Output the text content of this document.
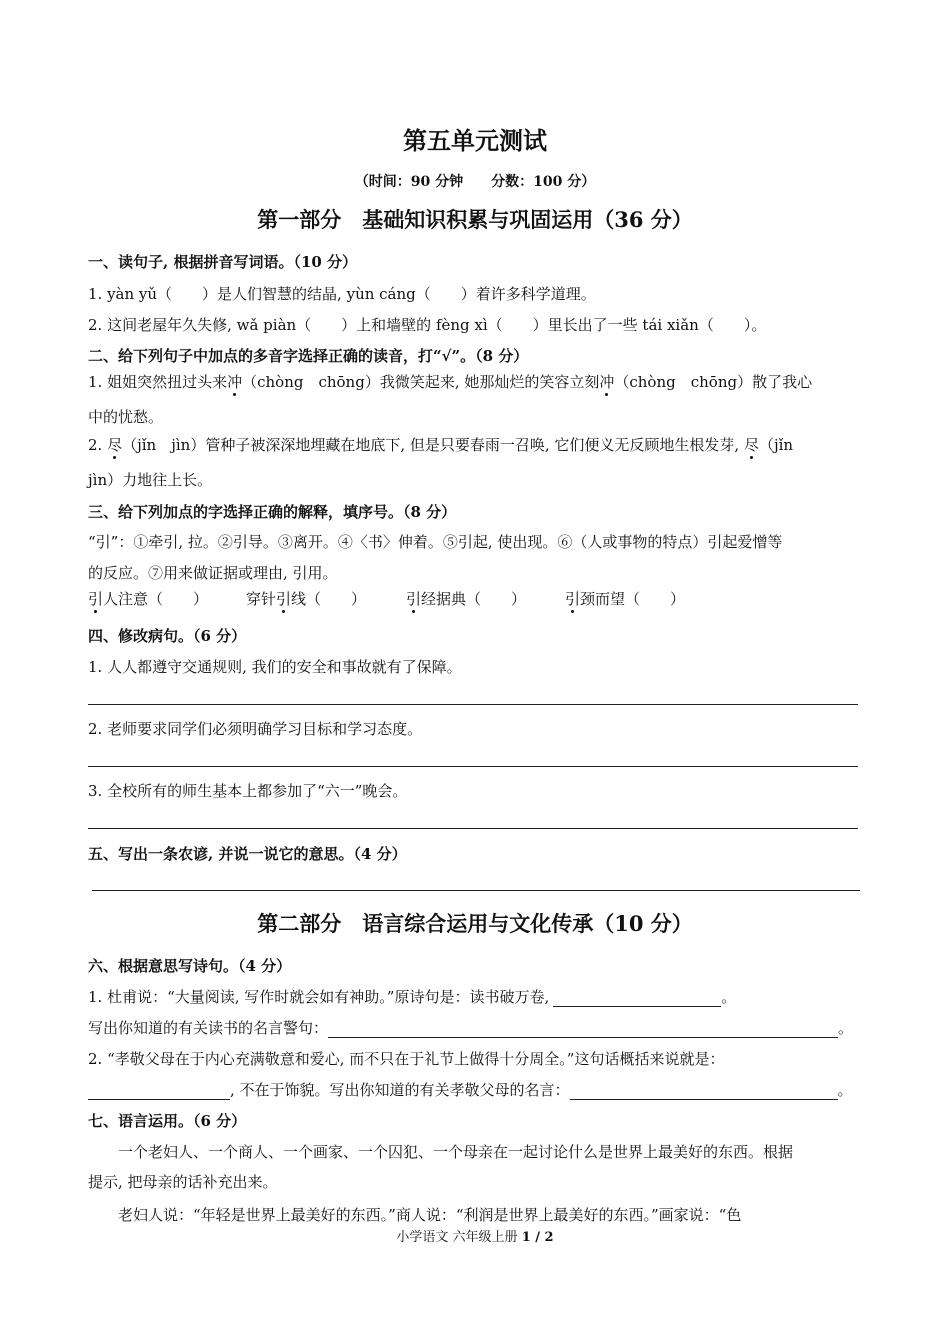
第五单元测试
（时间：90 分钟　　分数：100 分）
第一部分　基础知识积累与巩固运用（36 分）
一、读句子, 根据拼音写词语。（10 分）
1. yàn yǔ（　　）是人们智慧的结晶, yùn cáng（　　）着许多科学道理。
2. 这间老屋年久失修, wǎ piàn（　　）上和墙壁的 fèng xì（　　）里长出了一些 tái xiǎn（　　）。
二、给下列句子中加点的多音字选择正确的读音，打“√”。（8 分）
1. 姐姐突然扭过头来冲（chòng　chōng）我微笑起来, 她那灿烂的笑容立刻冲（chòng　chōng）散了我心
中的忧愁。
2. 尽（jǐn　jìn）管种子被深深地埋藏在地底下, 但是只要春雨一召唤, 它们便义无反顾地生根发芽, 尽（jǐn
jìn）力地往上长。
三、给下列加点的字选择正确的解释，填序号。（8 分）
“引”：①牵引, 拉。②引导。③离开。④〈书〉伸着。⑤引起, 使出现。⑥（人或事物的特点）引起爱憎等
的反应。⑦用来做证据或理由, 引用。
引人注意（　　）	穿针引线（　　）	引经据典（　　）	引颈而望（　　）
四、修改病句。（6 分）
1. 人人都遵守交通规则, 我们的安全和事故就有了保障。
2. 老师要求同学们必须明确学习目标和学习态度。
3. 全校所有的师生基本上都参加了“六一”晚会。
五、写出一条农谚, 并说一说它的意思。（4 分）
第二部分　语言综合运用与文化传承（10 分）
六、根据意思写诗句。（4 分）
1. 杜甫说：“大量阅读, 写作时就会如有神助。”原诗句是：读书破万卷,	。
写出你知道的有关读书的名言警句：	。
2. “孝敬父母在于内心充满敬意和爱心, 而不只在于礼节上做得十分周全。”这句话概括来说就是：
, 不在于饰貌。写出你知道的有关孝敬父母的名言：	。
七、语言运用。（6 分）
一个老妇人、一个商人、一个画家、一个囚犯、一个母亲在一起讨论什么是世界上最美好的东西。根据
提示, 把母亲的话补充出来。
老妇人说：“年轻是世界上最美好的东西。”商人说：“利润是世界上最美好的东西。”画家说：“色
小学语文 六年级上册 1 / 2
